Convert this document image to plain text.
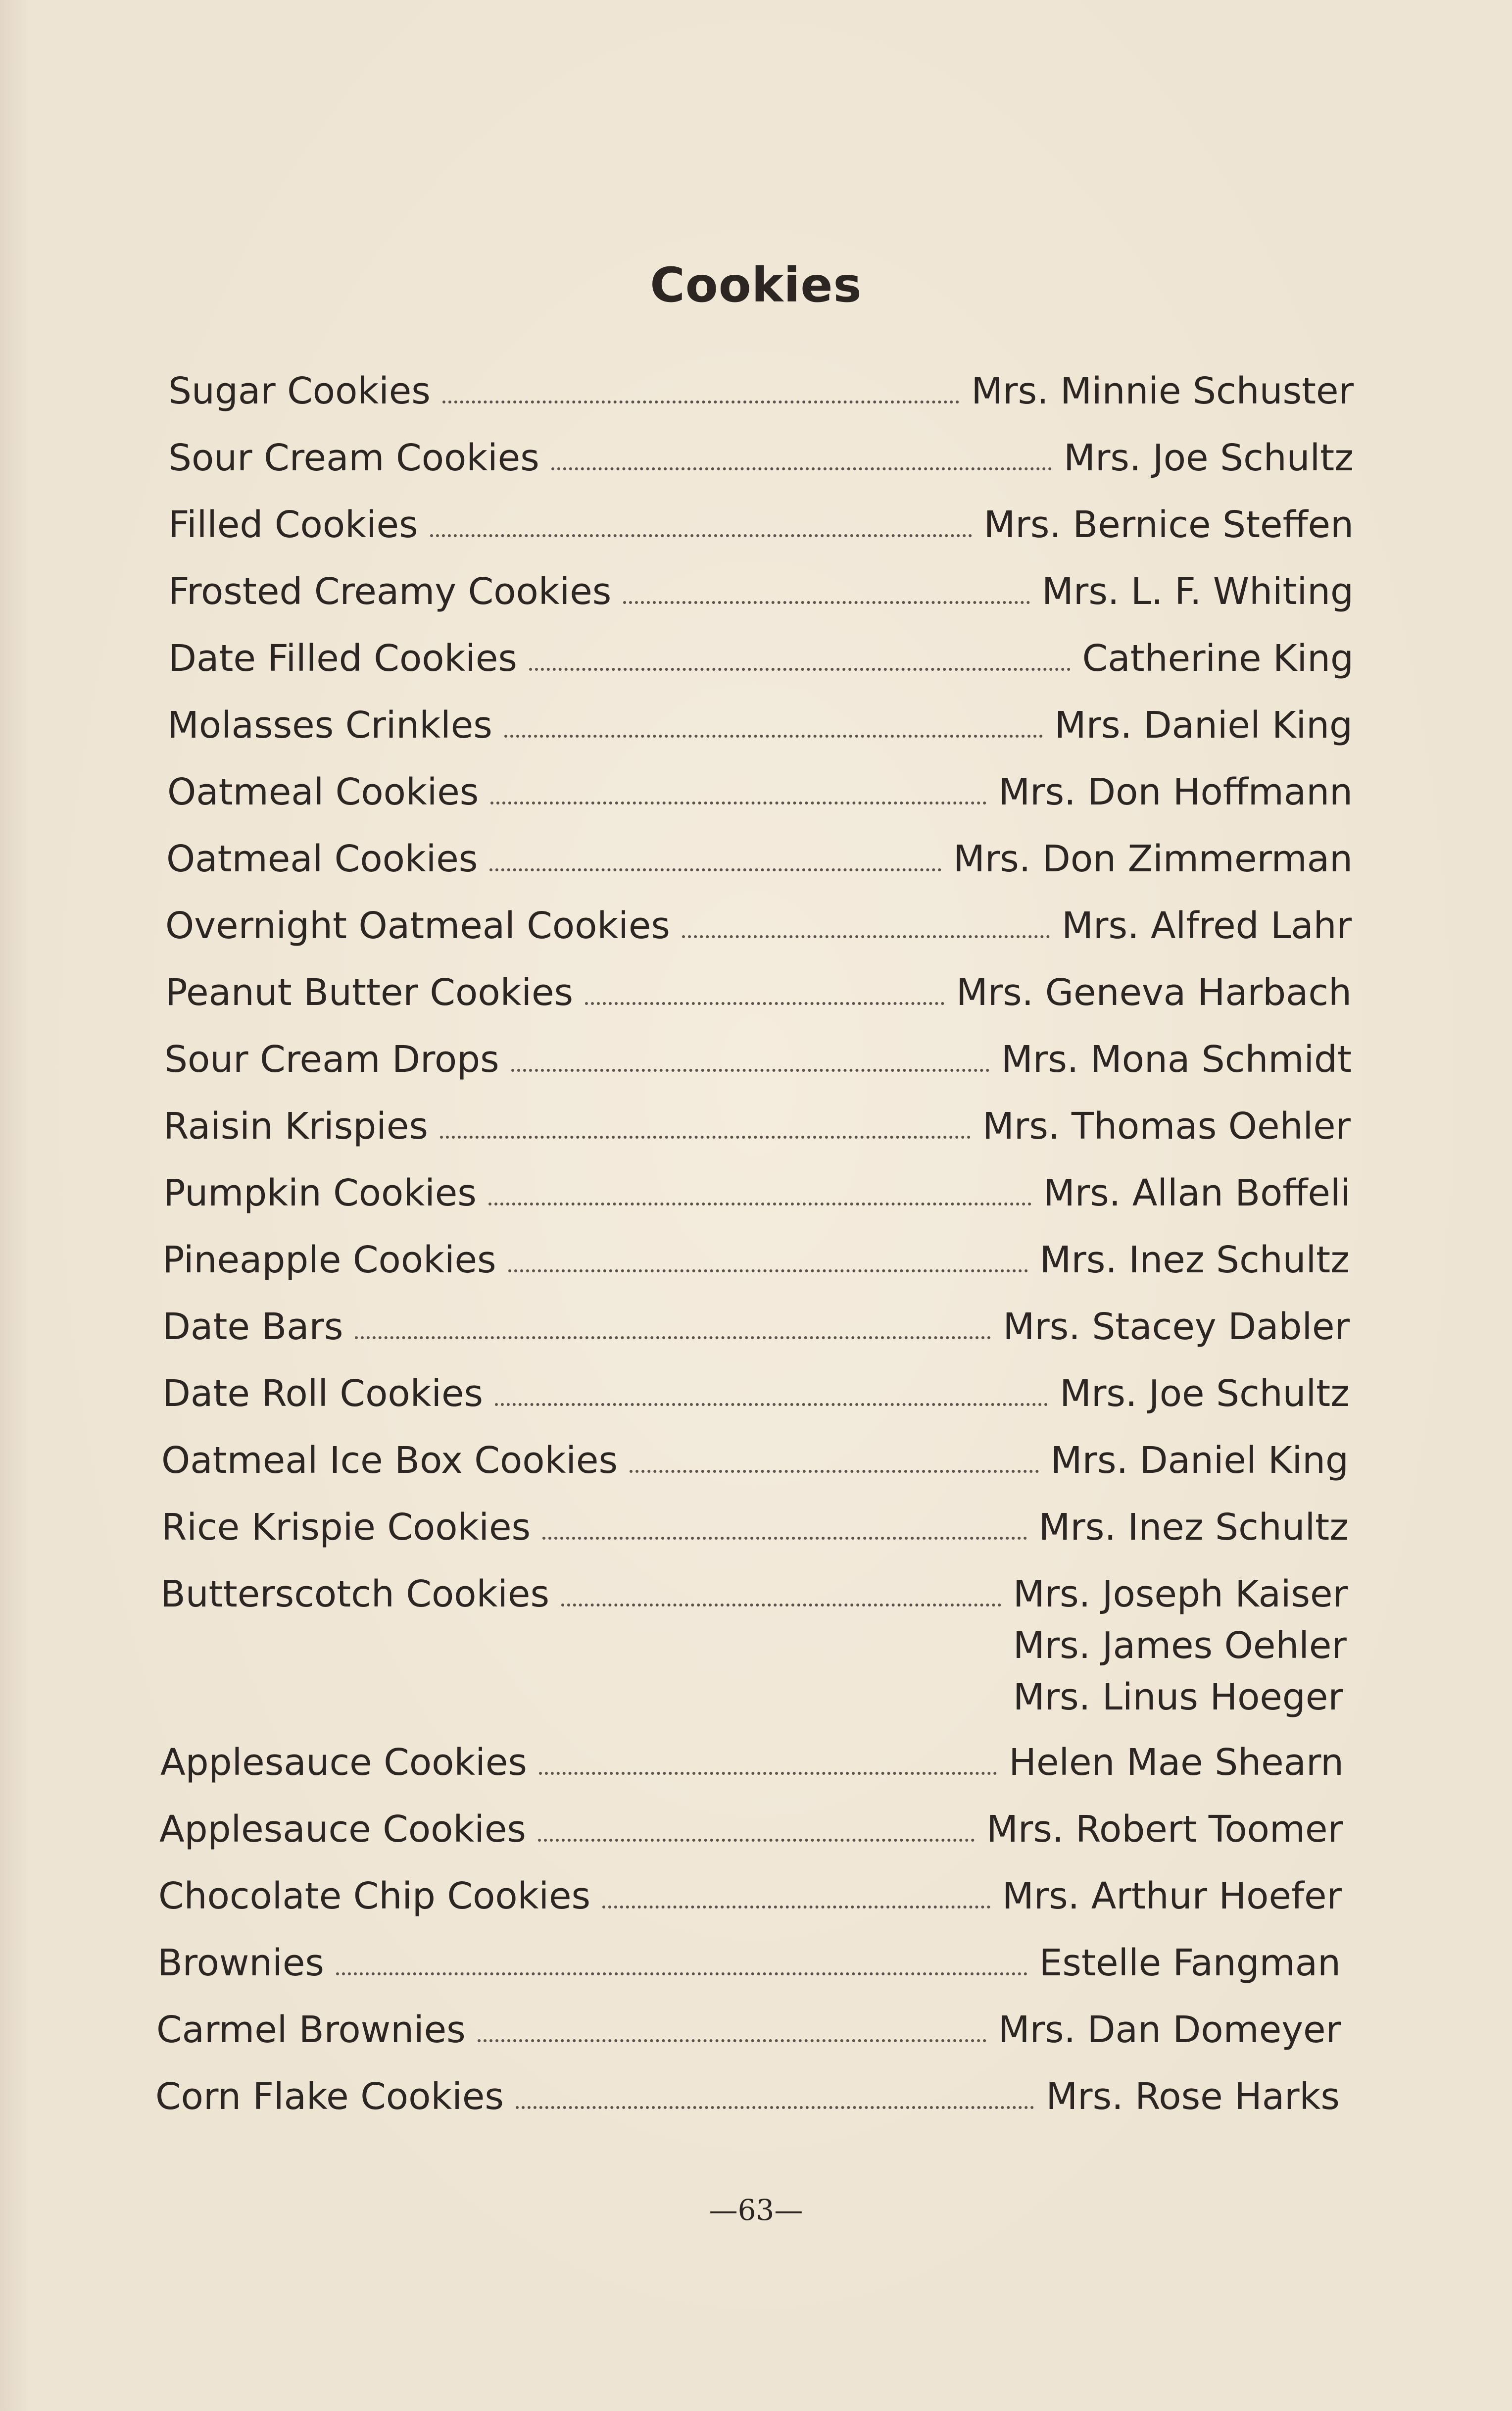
Cookies
Sugar Cookies	Mrs. Minnie Schuster
Sour Cream Cookies	Mrs. Joe Schultz
Filled Cookies	Mrs. Bernice Steffen
Frosted Creamy Cookies	Mrs. L. F. Whiting
Date Filled Cookies	Catherine King
Molasses Crinkles	Mrs. Daniel King
Oatmeal Cookies	Mrs. Don Hoffmann
Oatmeal Cookies	Mrs. Don Zimmerman
Overnight Oatmeal Cookies	Mrs. Alfred Lahr
Peanut Butter Cookies	Mrs. Geneva Harbach
Sour Cream Drops	Mrs. Mona Schmidt
Raisin Krispies	Mrs. Thomas Oehler
Pumpkin Cookies	Mrs. Allan Boffeli
Pineapple Cookies	Mrs. Inez Schultz
Date Bars	Mrs. Stacey Dabler
Date Roll Cookies	Mrs. Joe Schultz
Oatmeal Ice Box Cookies	Mrs. Daniel King
Rice Krispie Cookies	Mrs. Inez Schultz
Butterscotch Cookies	Mrs. Joseph Kaiser
Mrs. James Oehler
Mrs. Linus Hoeger
Applesauce Cookies	Helen Mae Shearn
Applesauce Cookies	Mrs. Robert Toomer
Chocolate Chip Cookies	Mrs. Arthur Hoefer
Brownies	Estelle Fangman
Carmel Brownies	Mrs. Dan Domeyer
Corn Flake Cookies	Mrs. Rose Harks
—63—
